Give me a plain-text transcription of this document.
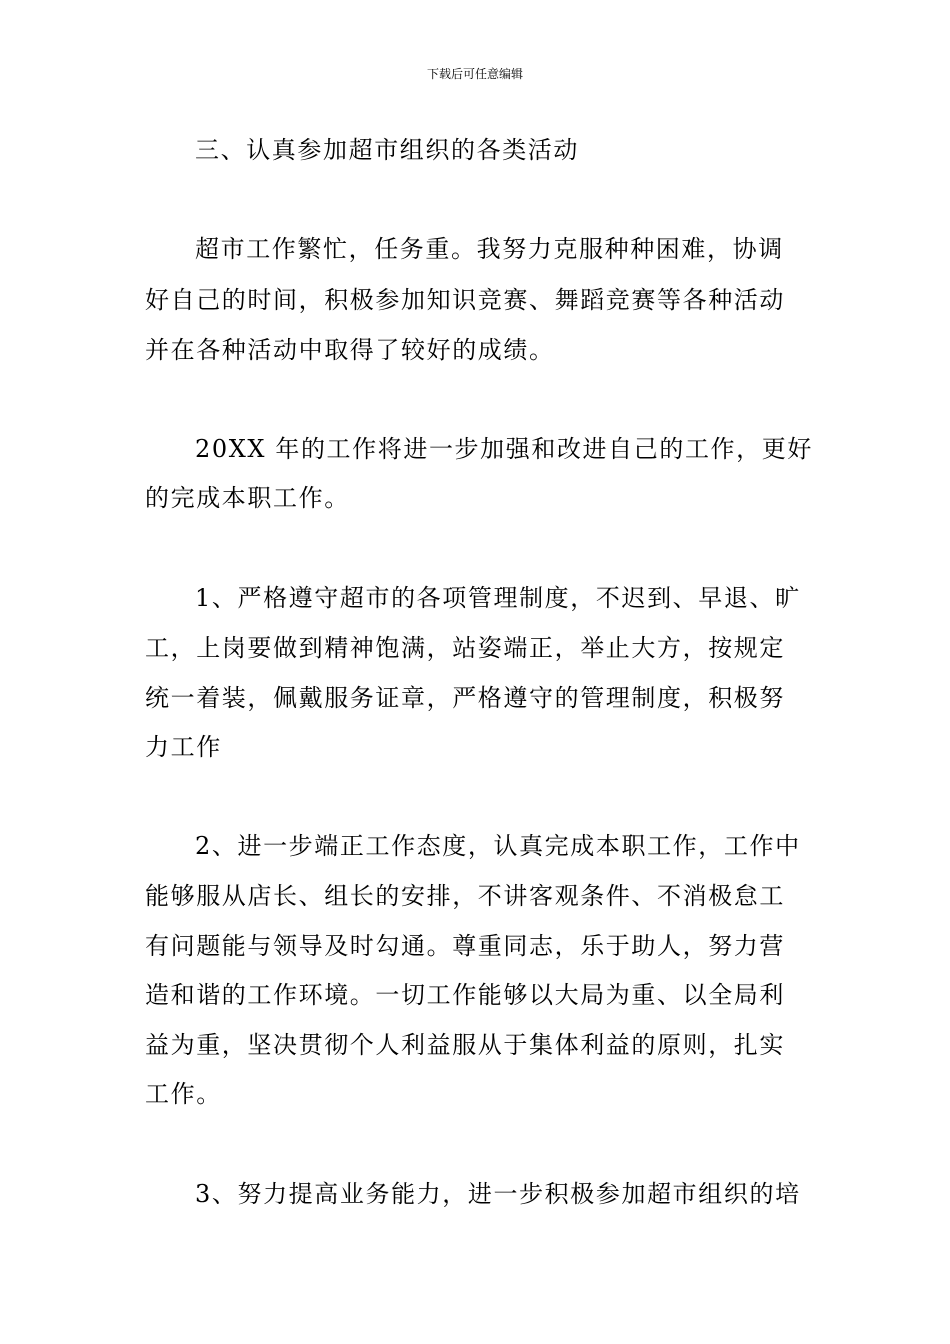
下载后可任意编辑
三、认真参加超市组织的各类活动
超市工作繁忙，任务重。我努力克服种种困难，协调
好自己的时间，积极参加知识竞赛、舞蹈竞赛等各种活动
并在各种活动中取得了较好的成绩。
20XX 年的工作将进一步加强和改进自己的工作，更好
的完成本职工作。
1、严格遵守超市的各项管理制度，不迟到、早退、旷
工，上岗要做到精神饱满，站姿端正，举止大方，按规定
统一着装，佩戴服务证章，严格遵守的管理制度，积极努
力工作
2、进一步端正工作态度，认真完成本职工作，工作中
能够服从店长、组长的安排，不讲客观条件、不消极怠工
有问题能与领导及时勾通。尊重同志，乐于助人，努力营
造和谐的工作环境。一切工作能够以大局为重、以全局利
益为重，坚决贯彻个人利益服从于集体利益的原则，扎实
工作。
3、努力提高业务能力，进一步积极参加超市组织的培
